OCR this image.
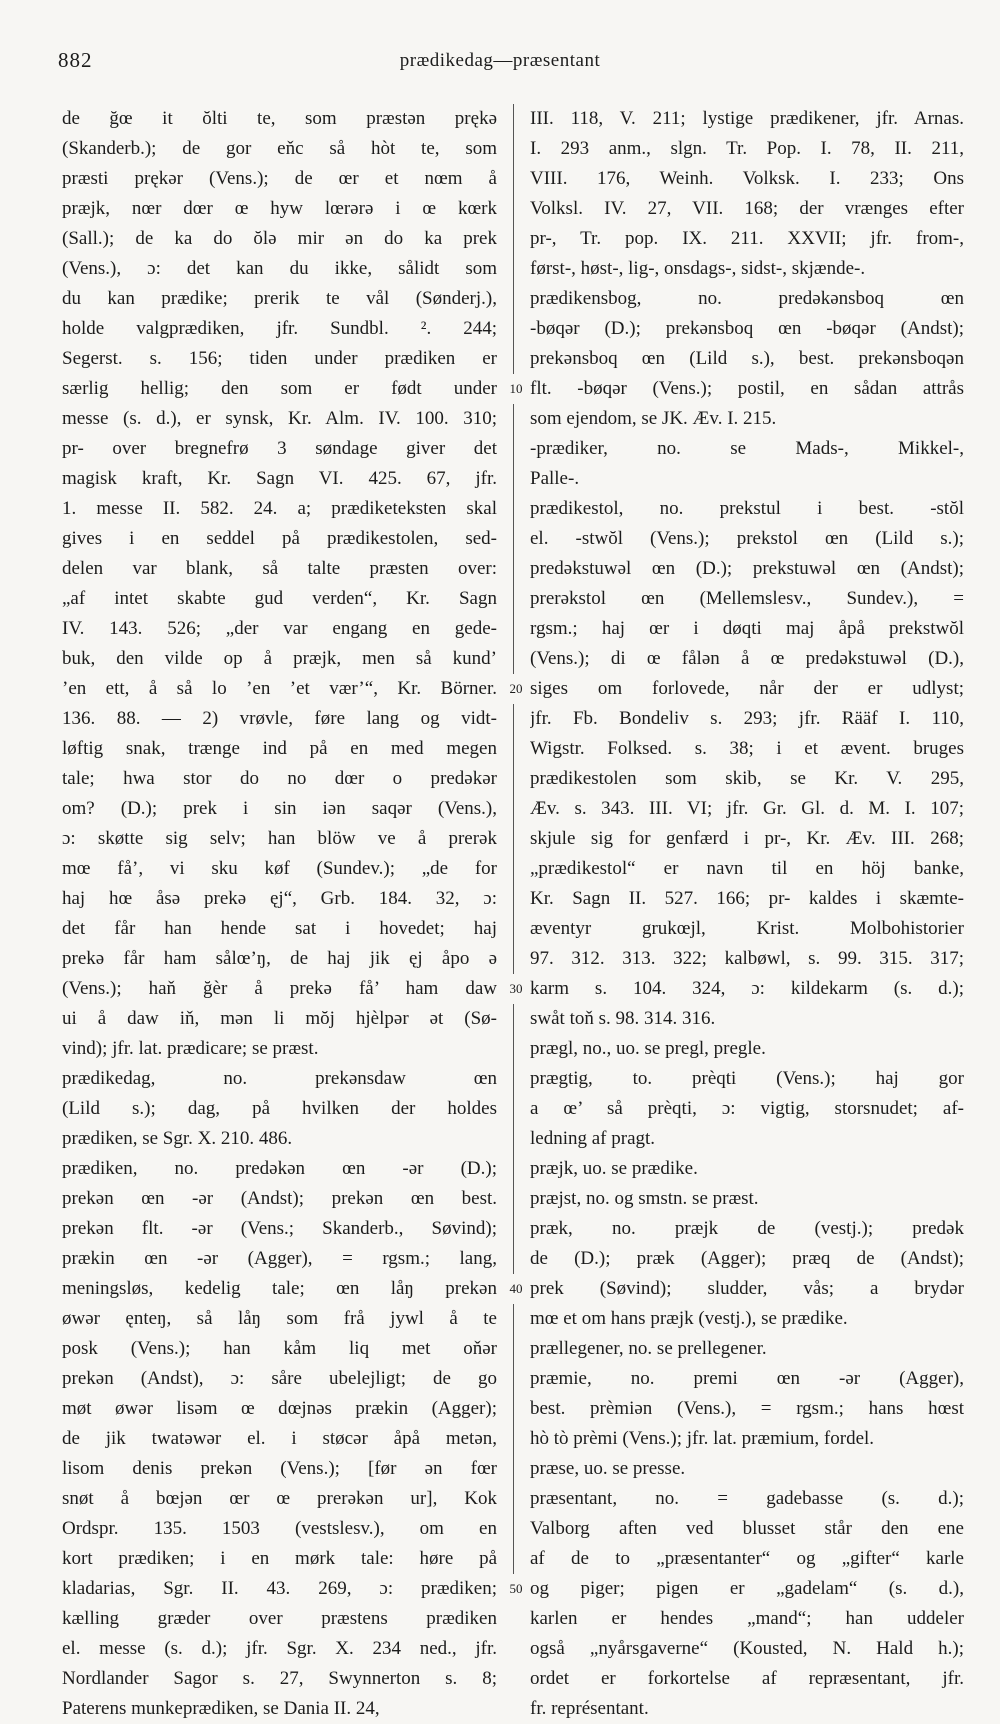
882	prædikedag—præsentant
de ğœ it ŏlti te, som præstən prękə
(Skanderb.); de gor eňc så hòt te, som
præsti prękər (Vens.); de œr et nœm å
præjk, nœr dœr œ hyw lœrərə i œ kœrk
(Sall.); de ka do ŏlə mir ən do ka prek
(Vens.), ɔ: det kan du ikke, sålidt som
du kan prædike; prerik te vål (Sønderj.),
holde valgprædiken, jfr. Sundbl. ². 244;
Segerst. s. 156; tiden under prædiken er
særlig hellig; den som er født under
messe (s. d.), er synsk, Kr. Alm. IV. 100. 310;
pr- over bregnefrø 3 søndage giver det
magisk kraft, Kr. Sagn VI. 425. 67, jfr.
1. messe II. 582. 24. a; prædiketeksten skal
gives i en seddel på prædikestolen, sed-
delen var blank, så talte præsten over:
„af intet skabte gud verden“, Kr. Sagn
IV. 143. 526; „der var engang en gede-
buk, den vilde op å præjk, men så kund’
’en ett, å så lo ’en ’et vær’“, Kr. Börner.
136. 88. — 2) vrøvle, føre lang og vidt-
løftig snak, trænge ind på en med megen
tale; hwa stor do no dœr o predəkər
om? (D.); prek i sin iən saqər (Vens.),
ɔ: skøtte sig selv; han blöw ve å prerək
mœ få’, vi sku køf (Sundev.); „de for
haj hœ åsə prekə ęj“, Grb. 184. 32, ɔ:
det får han hende sat i hovedet; haj
prekə får ham sålœ’ŋ, de haj jik ęj åpo ə
(Vens.); haň ğèr å prekə få’ ham daw
ui å daw iň, mən li mŏj hjèlpər ət (Sø-
vind); jfr. lat. prædicare; se præst.
prædikedag, no. prekənsdaw œn
(Lild s.); dag, på hvilken der holdes
prædiken, se Sgr. X. 210. 486.
prædiken, no. predəkən œn -ər (D.);
prekən œn -ər (Andst); prekən œn best.
prekən flt. -ər (Vens.; Skanderb., Søvind);
prækin œn -ər (Agger), = rgsm.; lang,
meningsløs, kedelig tale; œn låŋ prekən
øwər ęnteŋ, så låŋ som frå jywl å te
posk (Vens.); han kåm liq met oňər
prekən (Andst), ɔ: såre ubelejligt; de go
møt øwər lisəm œ dœjnəs prækin (Agger);
de jik twatəwər el. i støcər åpå metən,
lisom denis prekən (Vens.); [før ən fœr
snøt å bœjən œr œ prerəkən ur], Kok
Ordspr. 135. 1503 (vestslesv.), om en
kort prædiken; i en mørk tale: høre på
kladarias, Sgr. II. 43. 269, ɔ: prædiken;
kælling græder over præstens prædiken
el. messe (s. d.); jfr. Sgr. X. 234 ned., jfr.
Nordlander Sagor s. 27, Swynnerton s. 8;
Paterens munkeprædiken, se Dania II. 24,
III. 118, V. 211; lystige prædikener, jfr. Arnas.
I. 293 anm., slgn. Tr. Pop. I. 78, II. 211,
VIII. 176, Weinh. Volksk. I. 233; Ons
Volksl. IV. 27, VII. 168; der vrænges efter
pr-, Tr. pop. IX. 211. XXVII; jfr. from-,
først-, høst-, lig-, onsdags-, sidst-, skjænde-.
prædikensbog, no. predəkənsboq œn
-bøqər (D.); prekənsboq œn -bøqər (Andst);
prekənsboq œn (Lild s.), best. prekənsboqən
flt. -bøqər (Vens.); postil, en sådan attrås
som ejendom, se JK. Æv. I. 215.
-prædiker, no. se Mads-, Mikkel-,
Palle-.
prædikestol, no. prekstul i best. -stŏl
el. -stwŏl (Vens.); prekstol œn (Lild s.);
predəkstuwəl œn (D.); prekstuwəl œn (Andst);
prerəkstol œn (Mellemslesv., Sundev.), =
rgsm.; haj œr i døqti maj åpå prekstwŏl
(Vens.); di œ fålən å œ predəkstuwəl (D.),
siges om forlovede, når der er udlyst;
jfr. Fb. Bondeliv s. 293; jfr. Rääf I. 110,
Wigstr. Folksed. s. 38; i et ævent. bruges
prædikestolen som skib, se Kr. V. 295,
Æv. s. 343. III. VI; jfr. Gr. Gl. d. M. I. 107;
skjule sig for genfærd i pr-, Kr. Æv. III. 268;
„prædikestol“ er navn til en höj banke,
Kr. Sagn II. 527. 166; pr- kaldes i skæmte-
æventyr grukœjl, Krist. Molbohistorier
97. 312. 313. 322; kalbøwl, s. 99. 315. 317;
karm s. 104. 324, ɔ: kildekarm (s. d.);
swåt toň s. 98. 314. 316.
prægl, no., uo. se pregl, pregle.
prægtig, to. prèqti (Vens.); haj gor
a œ’ så prèqti, ɔ: vigtig, storsnudet; af-
ledning af pragt.
præjk, uo. se prædike.
præjst, no. og smstn. se præst.
præk, no. præjk de (vestj.); predək
de (D.); præk (Agger); præq de (Andst);
prek (Søvind); sludder, vås; a brydər
mœ et om hans præjk (vestj.), se prædike.
prællegener, no. se prellegener.
præmie, no. premi œn -ər (Agger),
best. prèmiən (Vens.), = rgsm.; hans hœst
hò tò prèmi (Vens.); jfr. lat. præmium, fordel.
præse, uo. se presse.
præsentant, no. = gadebasse (s. d.);
Valborg aften ved blusset står den ene
af de to „præsentanter“ og „gifter“ karle
og piger; pigen er „gadelam“ (s. d.),
karlen er hendes „mand“; han uddeler
også „nyårsgaverne“ (Kousted, N. Hald h.);
ordet er forkortelse af repræsentant, jfr.
fr. représentant.
10
20
30
40
50
